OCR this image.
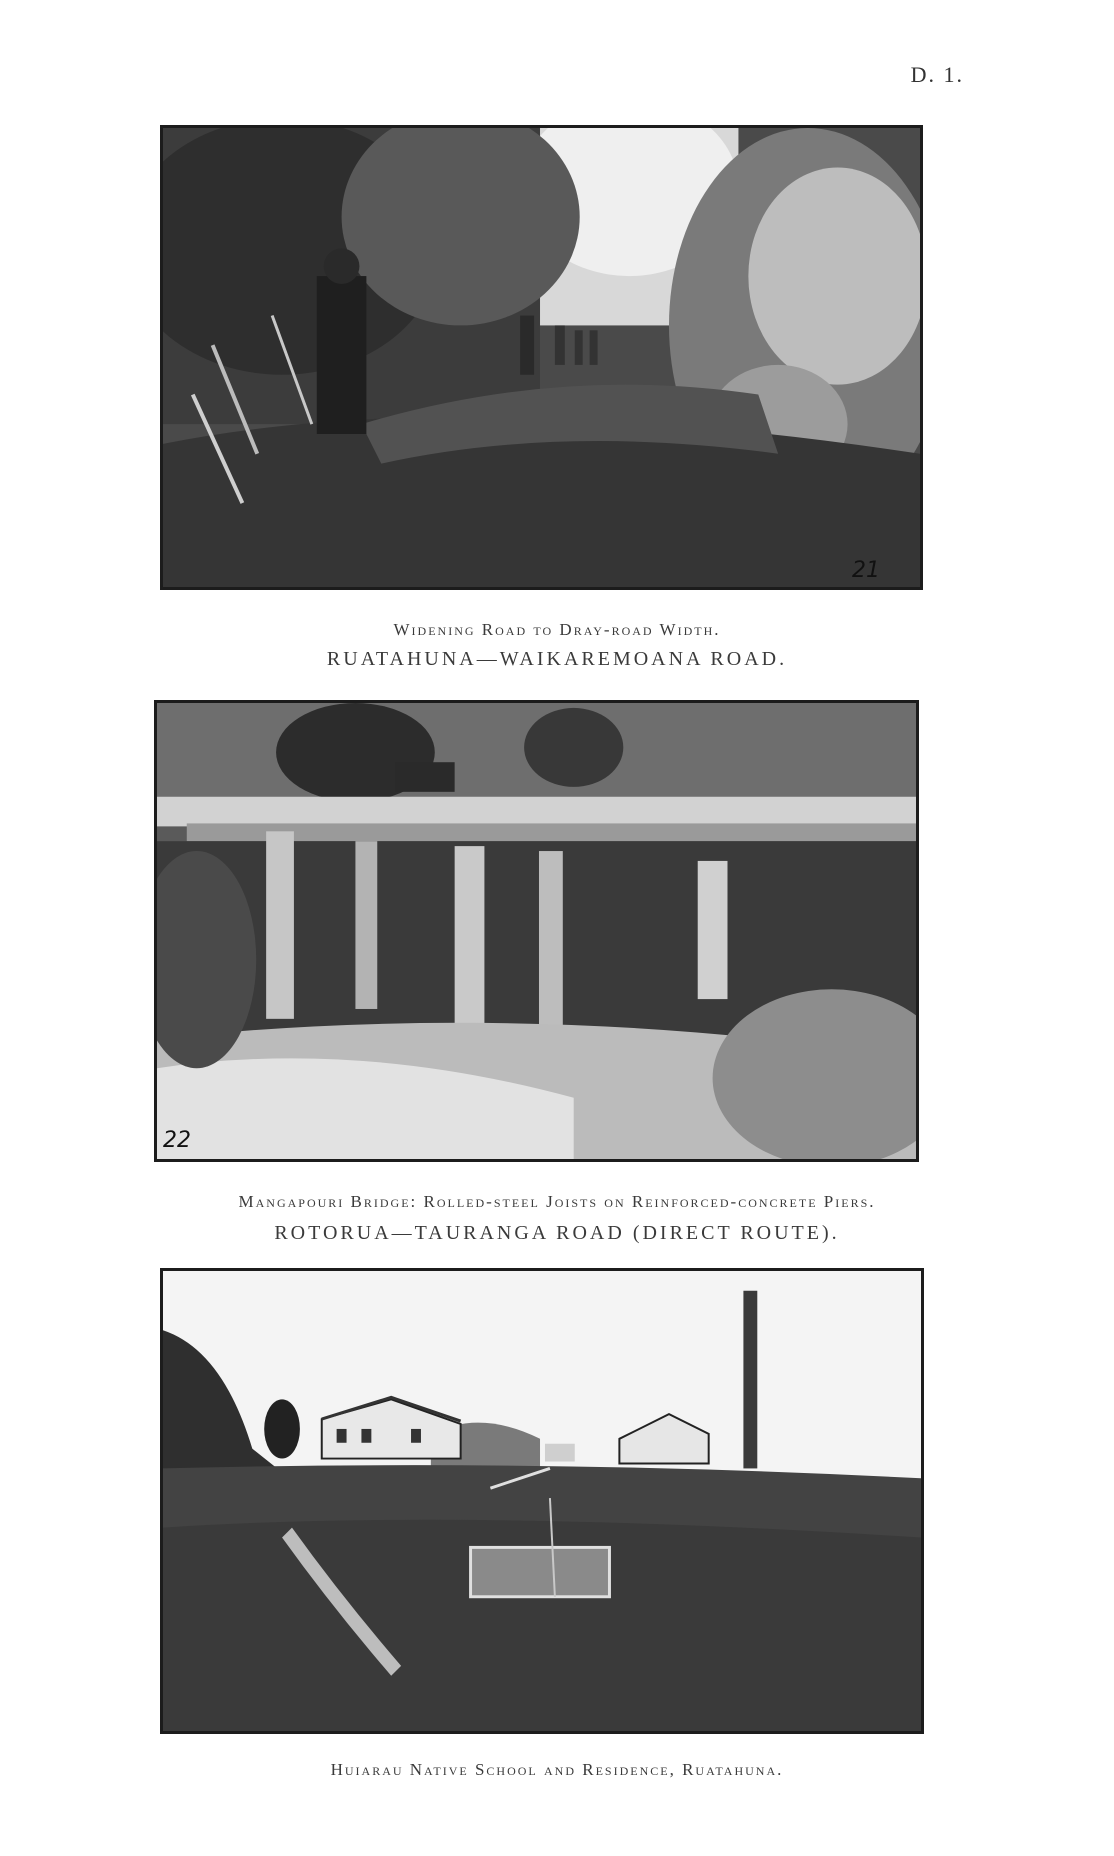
D. 1.
21
Widening Road to Dray-road Width.
RUATAHUNA—WAIKAREMOANA ROAD.
22
Mangapouri Bridge: Rolled-steel Joists on Reinforced-concrete Piers.
ROTORUA—TAURANGA ROAD (DIRECT ROUTE).
Huiarau Native School and Residence, Ruatahuna.
